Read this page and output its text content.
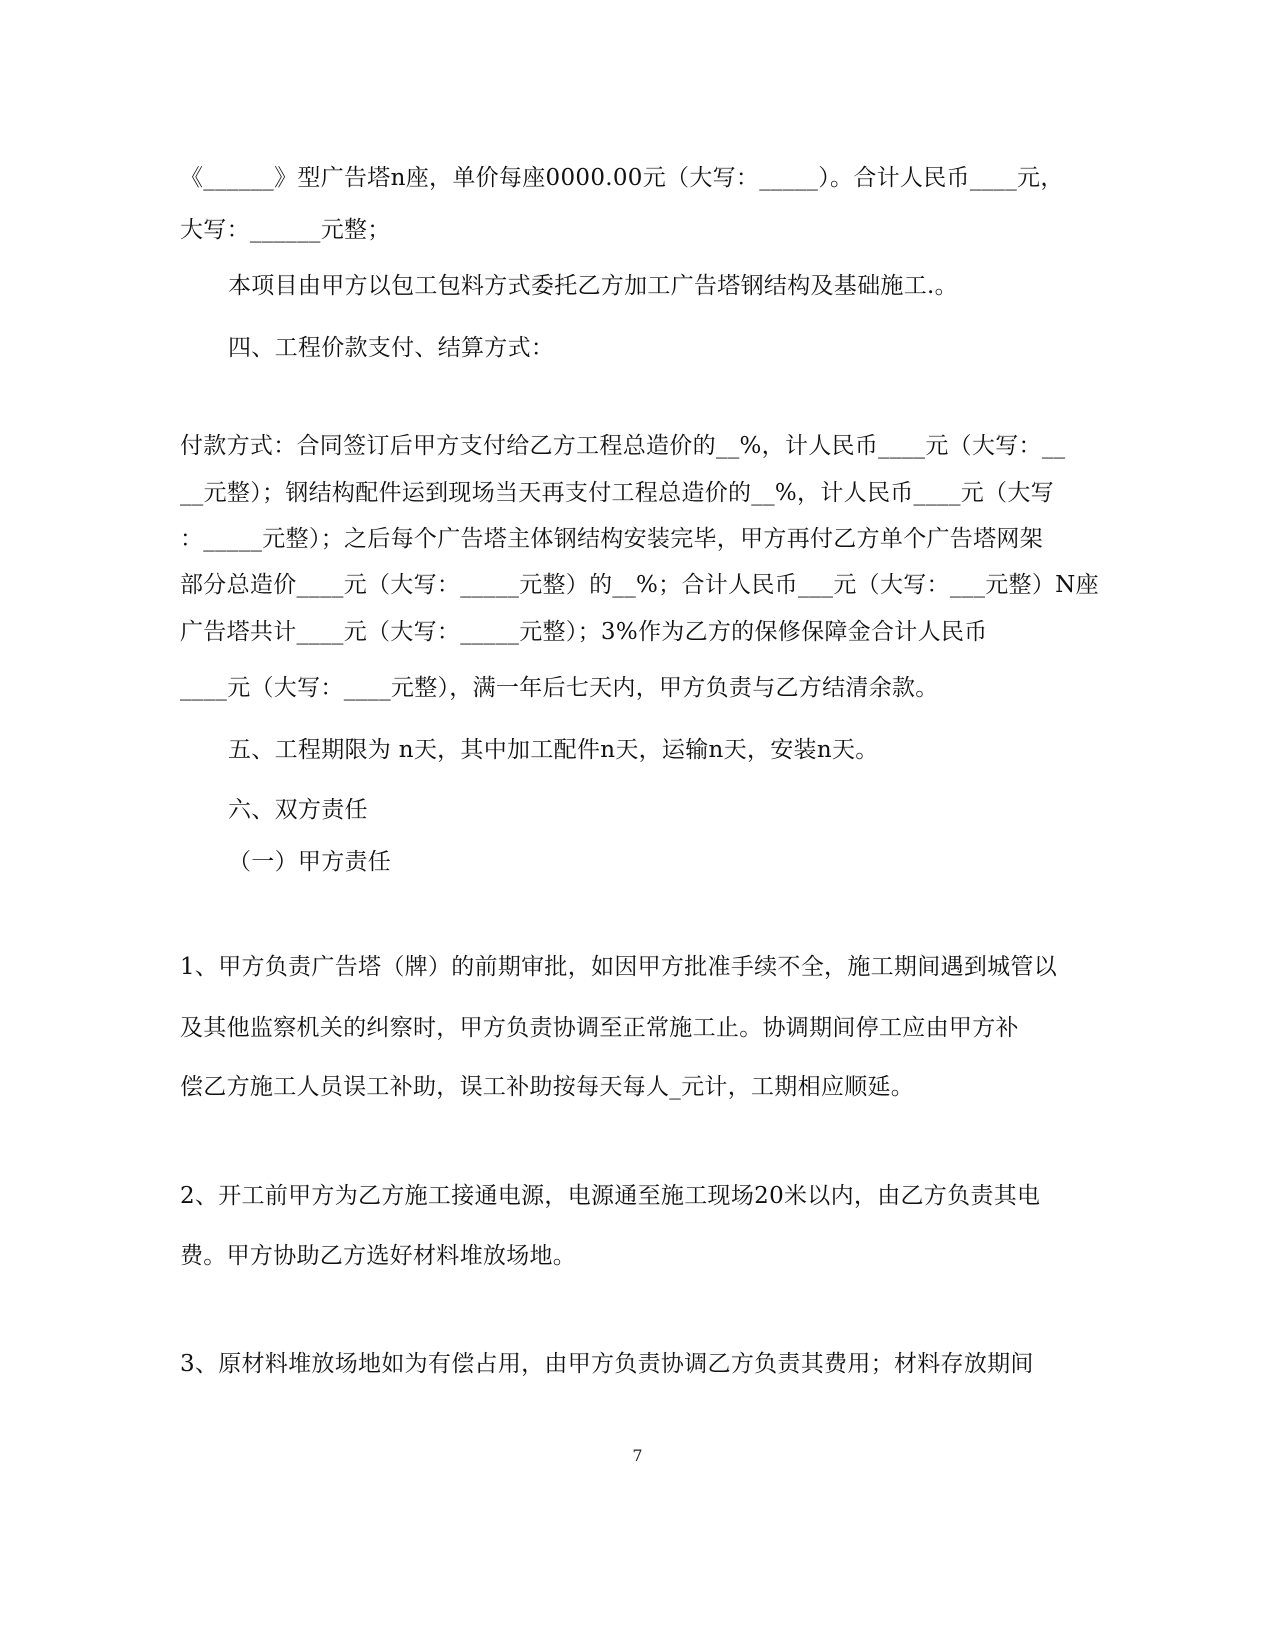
《______》型广告塔n座，单价每座0000.00元（大写：_____）。合计人民币____元，
大写：______元整；
本项目由甲方以包工包料方式委托乙方加工广告塔钢结构及基础施工.。
四、工程价款支付、结算方式：
付款方式：合同签订后甲方支付给乙方工程总造价的__%，计人民币____元（大写：__
__元整）；钢结构配件运到现场当天再支付工程总造价的__%，计人民币____元（大写
：_____元整）；之后每个广告塔主体钢结构安装完毕，甲方再付乙方单个广告塔网架
部分总造价____元（大写：_____元整）的__%；合计人民币___元（大写：___元整）N座
广告塔共计____元（大写：_____元整）；3%作为乙方的保修保障金合计人民币
____元（大写：____元整），满一年后七天内，甲方负责与乙方结清余款。
五、工程期限为 n天，其中加工配件n天，运输n天，安装n天。
六、双方责任
（一）甲方责任
1、甲方负责广告塔（牌）的前期审批，如因甲方批准手续不全，施工期间遇到城管以
及其他监察机关的纠察时，甲方负责协调至正常施工止。协调期间停工应由甲方补
偿乙方施工人员误工补助，误工补助按每天每人_元计，工期相应顺延。
2、开工前甲方为乙方施工接通电源，电源通至施工现场20米以内，由乙方负责其电
费。甲方协助乙方选好材料堆放场地。
3、原材料堆放场地如为有偿占用，由甲方负责协调乙方负责其费用；材料存放期间
7
